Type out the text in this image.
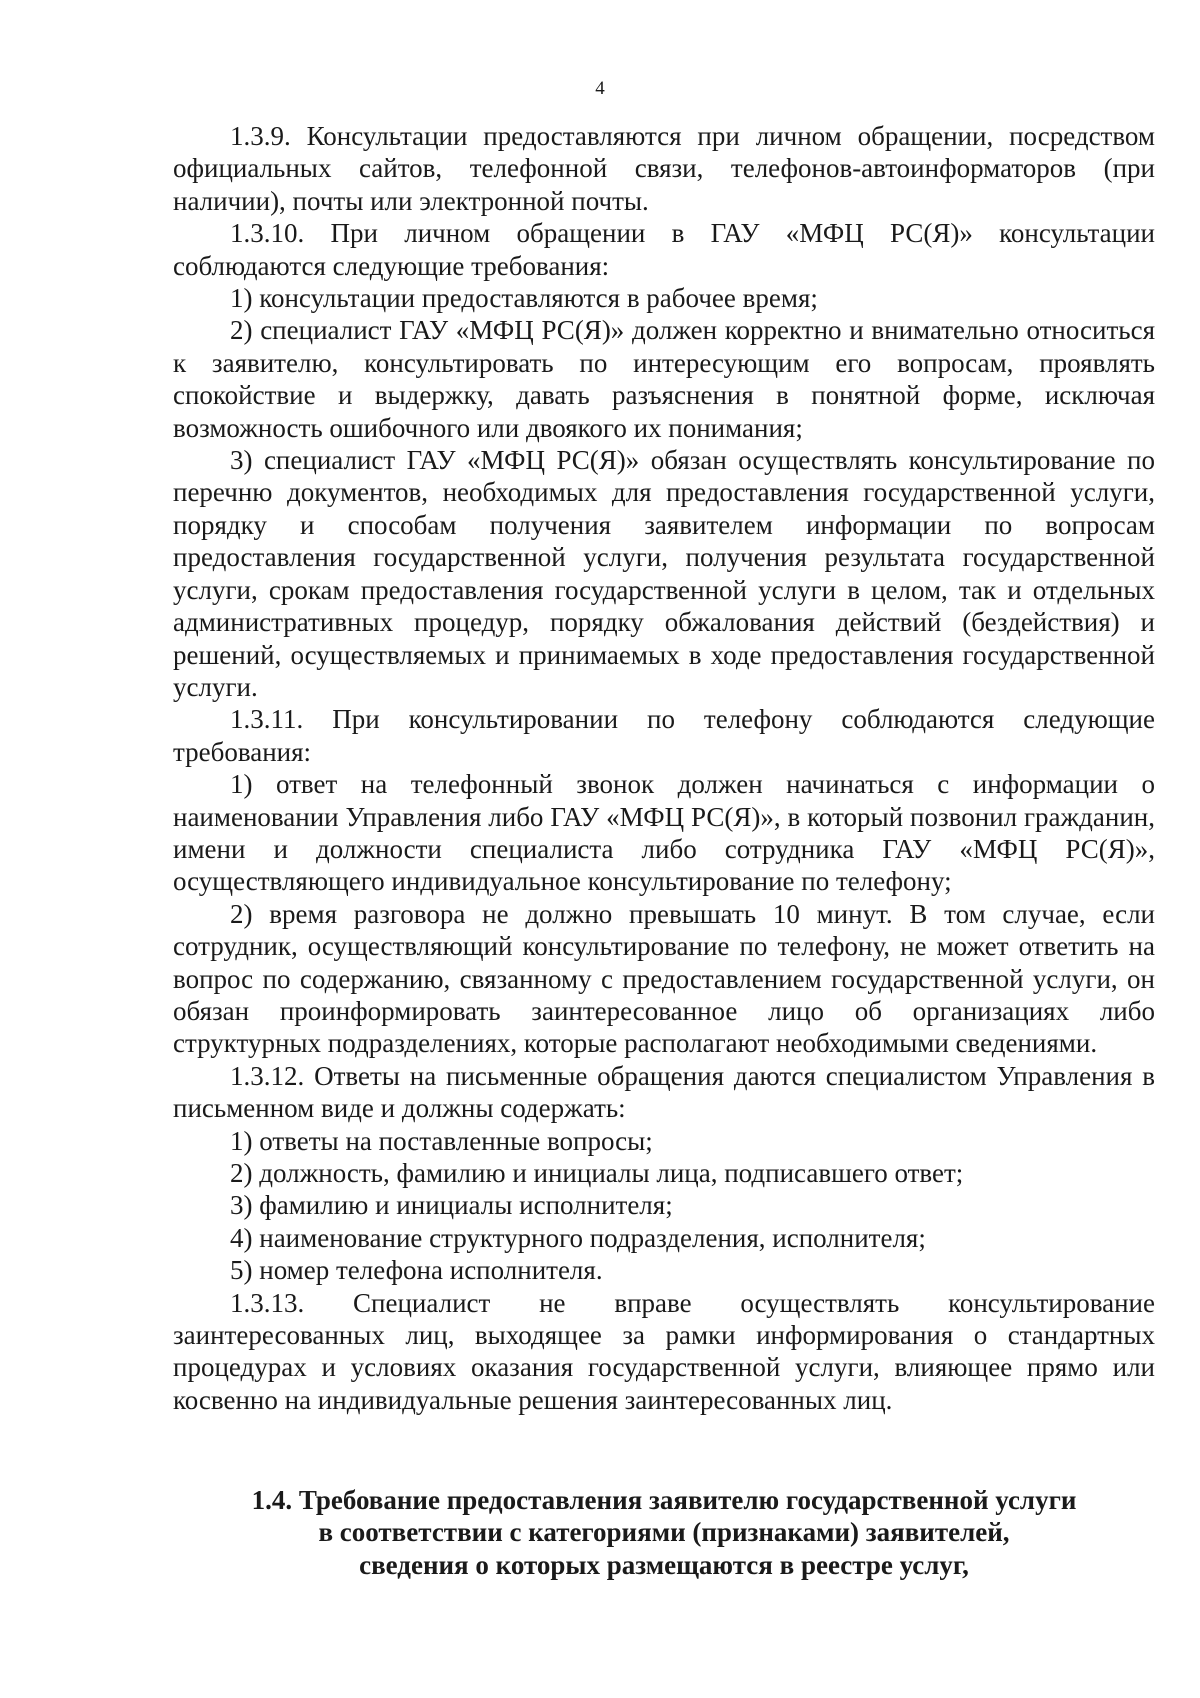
4

1.3.9. Консультации предоставляются при личном обращении, посредством официальных сайтов, телефонной связи, телефонов-автоинформаторов (при наличии), почты или электронной почты.

1.3.10. При личном обращении в ГАУ «МФЦ РС(Я)» консультации соблюдаются следующие требования:

1) консультации предоставляются в рабочее время;

2) специалист ГАУ «МФЦ РС(Я)» должен корректно и внимательно относиться к заявителю, консультировать по интересующим его вопросам, проявлять спокойствие и выдержку, давать разъяснения в понятной форме, исключая возможность ошибочного или двоякого их понимания;

3) специалист ГАУ «МФЦ РС(Я)» обязан осуществлять консультирование по перечню документов, необходимых для предоставления государственной услуги, порядку и способам получения заявителем информации по вопросам предоставления государственной услуги, получения результата государственной услуги, срокам предоставления государственной услуги в целом, так и отдельных административных процедур, порядку обжалования действий (бездействия) и решений, осуществляемых и принимаемых в ходе предоставления государственной услуги.

1.3.11. При консультировании по телефону соблюдаются следующие требования:

1) ответ на телефонный звонок должен начинаться с информации о наименовании Управления либо ГАУ «МФЦ РС(Я)», в который позвонил гражданин, имени и должности специалиста либо сотрудника ГАУ «МФЦ РС(Я)», осуществляющего индивидуальное консультирование по телефону;

2) время разговора не должно превышать 10 минут. В том случае, если сотрудник, осуществляющий консультирование по телефону, не может ответить на вопрос по содержанию, связанному с предоставлением государственной услуги, он обязан проинформировать заинтересованное лицо об организациях либо структурных подразделениях, которые располагают необходимыми сведениями.

1.3.12. Ответы на письменные обращения даются специалистом Управления в письменном виде и должны содержать:

1) ответы на поставленные вопросы;

2) должность, фамилию и инициалы лица, подписавшего ответ;

3) фамилию и инициалы исполнителя;

4) наименование структурного подразделения, исполнителя;

5) номер телефона исполнителя.

1.3.13. Специалист не вправе осуществлять консультирование заинтересованных лиц, выходящее за рамки информирования о стандартных процедурах и условиях оказания государственной услуги, влияющее прямо или косвенно на индивидуальные решения заинтересованных лиц.

1.4. Требование предоставления заявителю государственной услуги
в соответствии с категориями (признаками) заявителей,
сведения о которых размещаются в реестре услуг,
